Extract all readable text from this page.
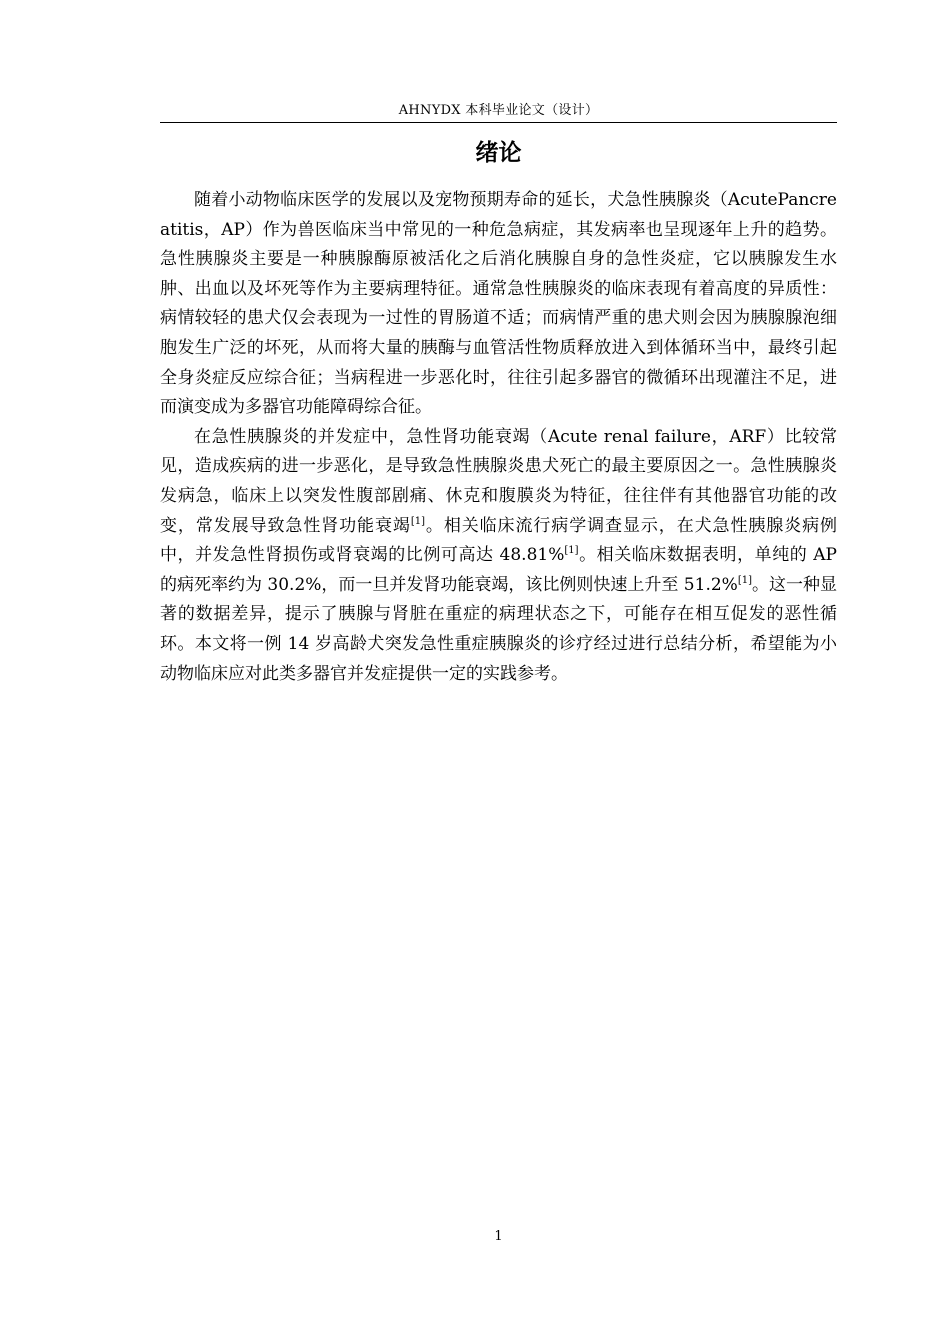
AHNYDX 本科毕业论文（设计）
绪论

随着小动物临床医学的发展以及宠物预期寿命的延长，犬急性胰腺炎（AcutePancreatitis，AP）作为兽医临床当中常见的一种危急病症，其发病率也呈现逐年上升的趋势。急性胰腺炎主要是一种胰腺酶原被活化之后消化胰腺自身的急性炎症，它以胰腺发生水肿、出血以及坏死等作为主要病理特征。通常急性胰腺炎的临床表现有着高度的异质性：病情较轻的患犬仅会表现为一过性的胃肠道不适；而病情严重的患犬则会因为胰腺腺泡细胞发生广泛的坏死，从而将大量的胰酶与血管活性物质释放进入到体循环当中，最终引起全身炎症反应综合征；当病程进一步恶化时，往往引起多器官的微循环出现灌注不足，进而演变成为多器官功能障碍综合征。

在急性胰腺炎的并发症中，急性肾功能衰竭（Acute renal failure，ARF）比较常见，造成疾病的进一步恶化，是导致急性胰腺炎患犬死亡的最主要原因之一。急性胰腺炎发病急，临床上以突发性腹部剧痛、休克和腹膜炎为特征，往往伴有其他器官功能的改变，常发展导致急性肾功能衰竭[1]。相关临床流行病学调查显示，在犬急性胰腺炎病例中，并发急性肾损伤或肾衰竭的比例可高达 48.81%[1]。相关临床数据表明，单纯的 AP 的病死率约为 30.2%，而一旦并发肾功能衰竭，该比例则快速上升至 51.2%[1]。这一种显著的数据差异，提示了胰腺与肾脏在重症的病理状态之下，可能存在相互促发的恶性循环。本文将一例 14 岁高龄犬突发急性重症胰腺炎的诊疗经过进行总结分析，希望能为小动物临床应对此类多器官并发症提供一定的实践参考。

1
